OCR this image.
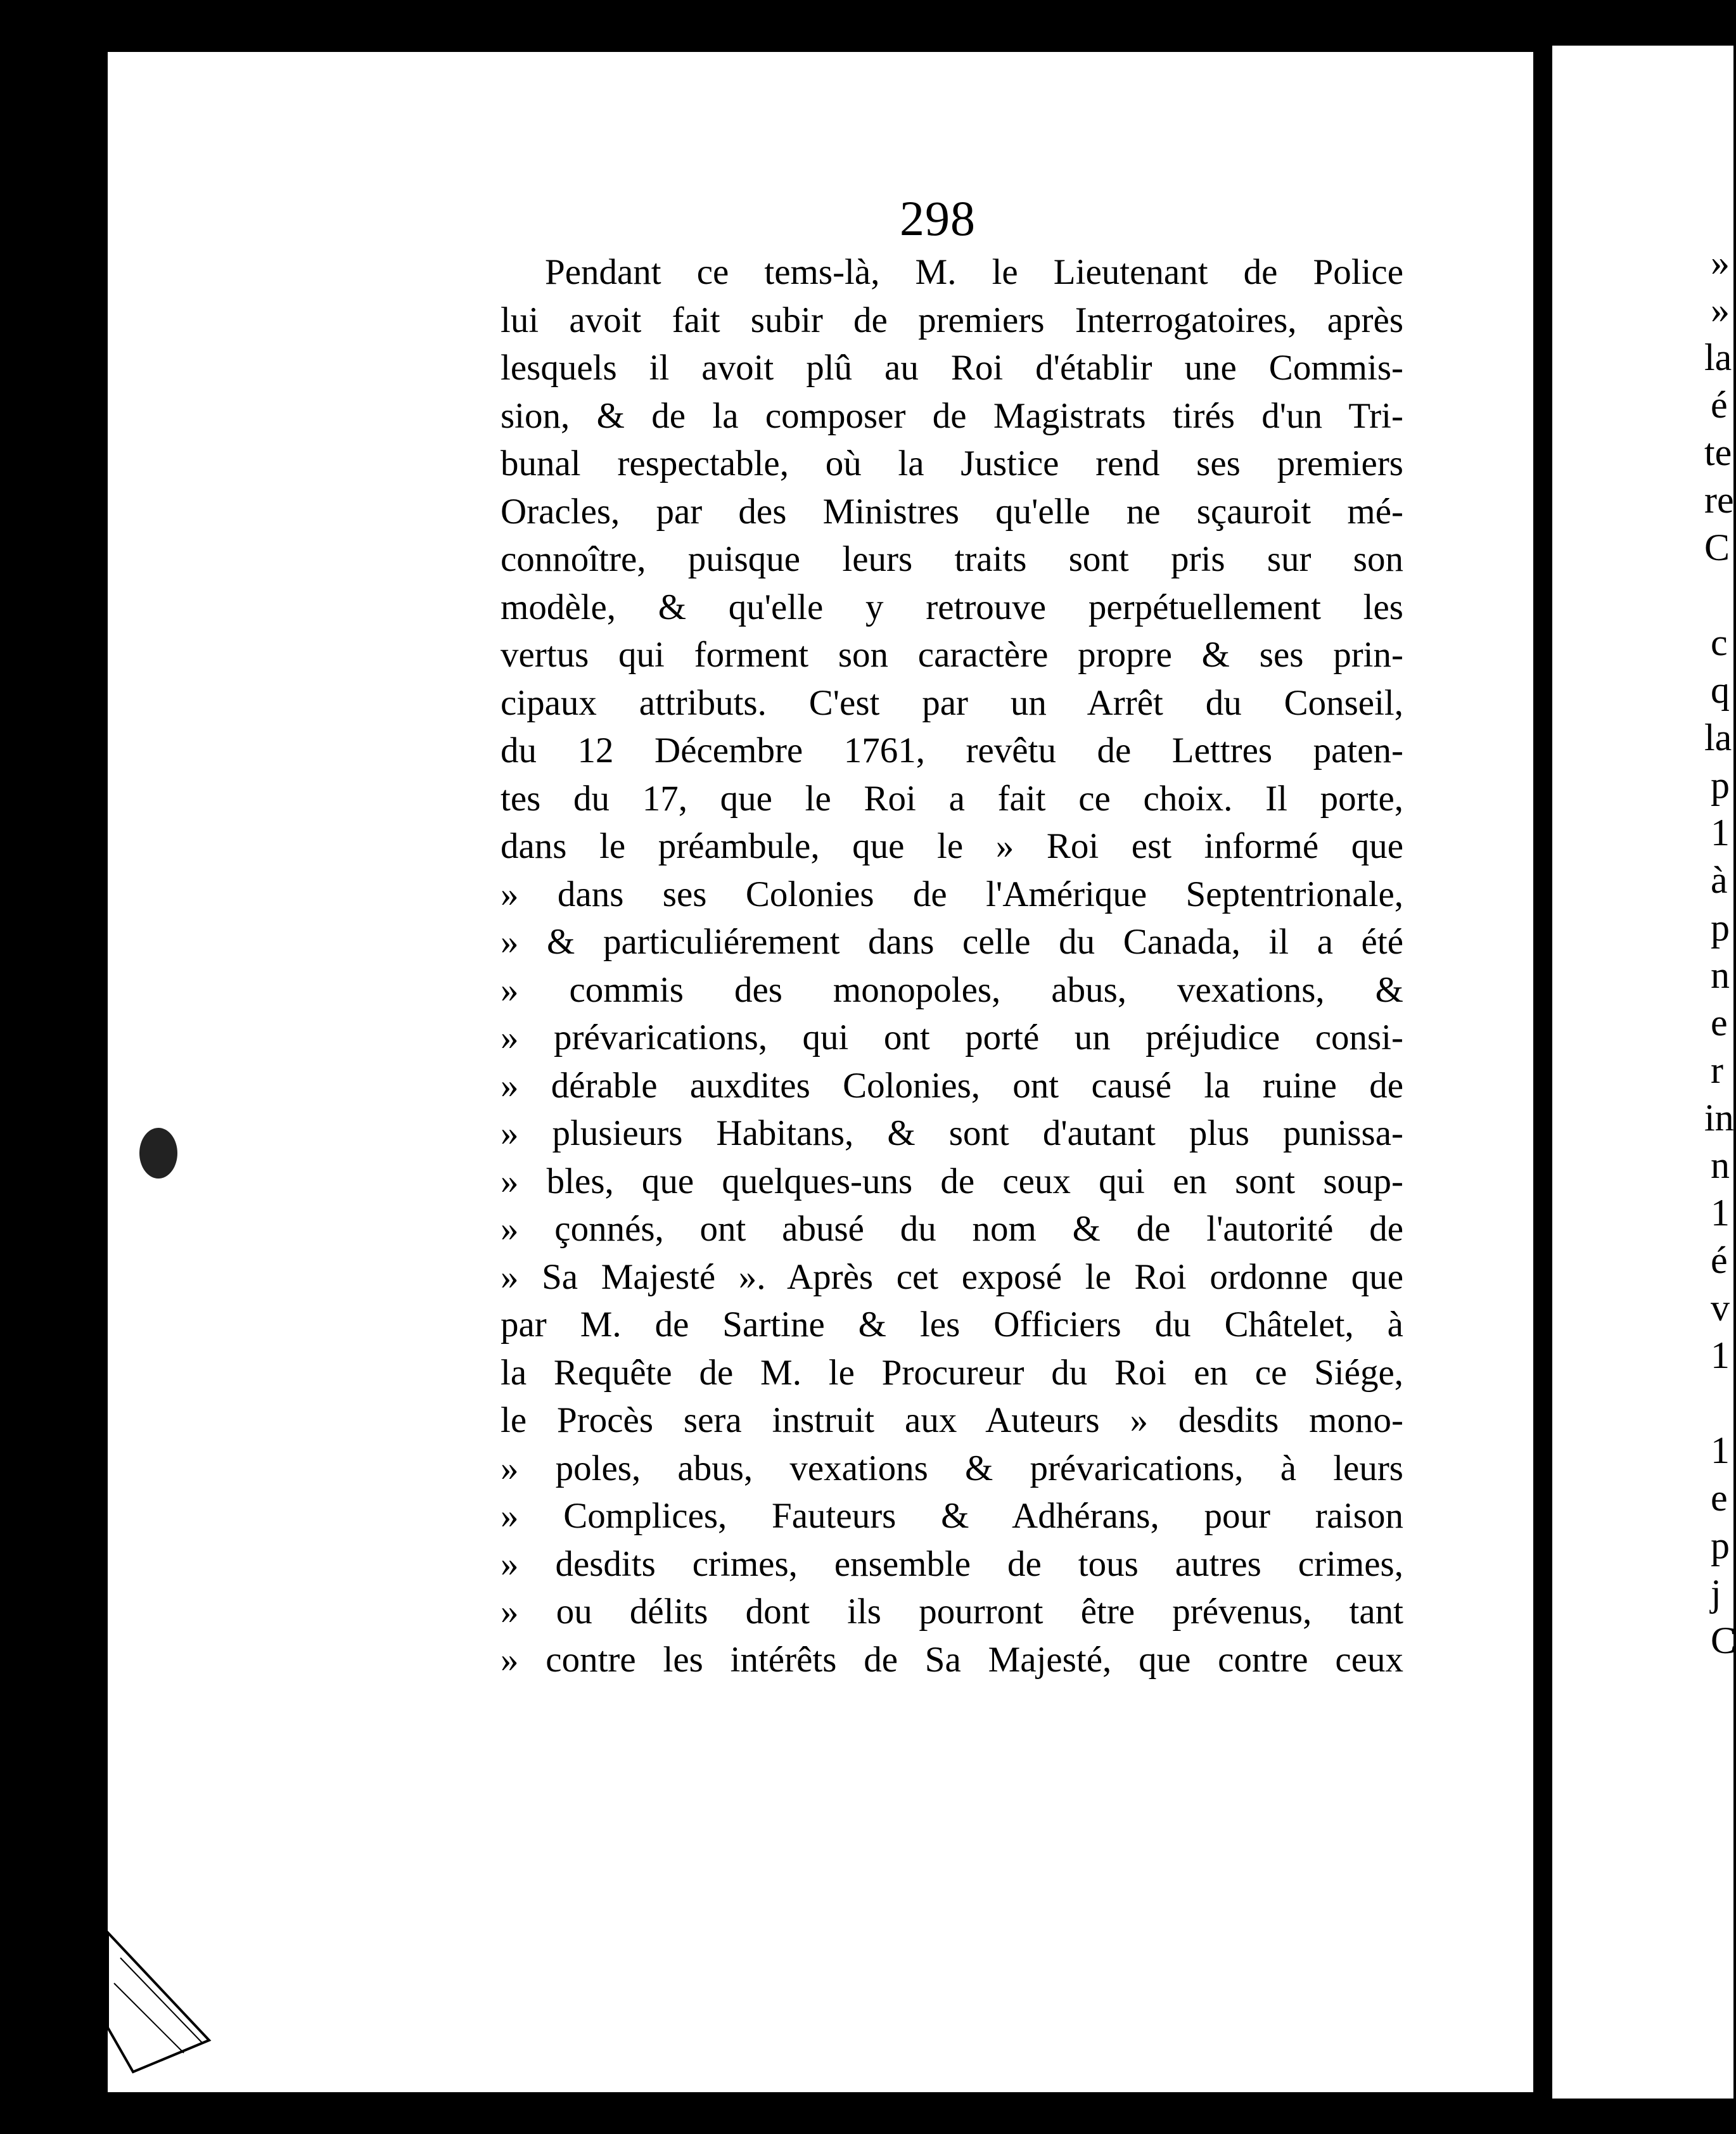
298
Pendant ce tems-là, M. le Lieutenant de Police
lui avoit fait subir de premiers Interrogatoires, après
lesquels il avoit plû au Roi d'établir une Commis-
sion, & de la composer de Magistrats tirés d'un Tri-
bunal respectable, où la Justice rend ses premiers
Oracles, par des Ministres qu'elle ne sçauroit mé-
connoître, puisque leurs traits sont pris sur son
modèle, & qu'elle y retrouve perpétuellement les
vertus qui forment son caractère propre & ses prin-
cipaux attributs. C'est par un Arrêt du Conseil,
du 12 Décembre 1761, revêtu de Lettres paten-
tes du 17, que le Roi a fait ce choix. Il porte,
dans le préambule, que le » Roi est informé que
» dans ses Colonies de l'Amérique Septentrionale,
» & particuliérement dans celle du Canada, il a été
» commis des monopoles, abus, vexations, &
» prévarications, qui ont porté un préjudice consi-
» dérable auxdites Colonies, ont causé la ruine de
» plusieurs Habitans, & sont d'autant plus punissa-
» bles, que quelques-uns de ceux qui en sont soup-
» çonnés, ont abusé du nom & de l'autorité de
» Sa Majesté ». Après cet exposé le Roi ordonne que
par M. de Sartine & les Officiers du Châtelet, à
la Requête de M. le Procureur du Roi en ce Siége,
le Procès sera instruit aux Auteurs » desdits mono-
» poles, abus, vexations & prévarications, à leurs
» Complices, Fauteurs & Adhérans, pour raison
» desdits crimes, ensemble de tous autres crimes,
» ou délits dont ils pourront être prévenus, tant
» contre les intérêts de Sa Majesté, que contre ceux
»
»
la
é
te
re
C
c
q
la
p
1
à
p
n
e
r
in
n
1
é
v
1
1
e
p
j
C
